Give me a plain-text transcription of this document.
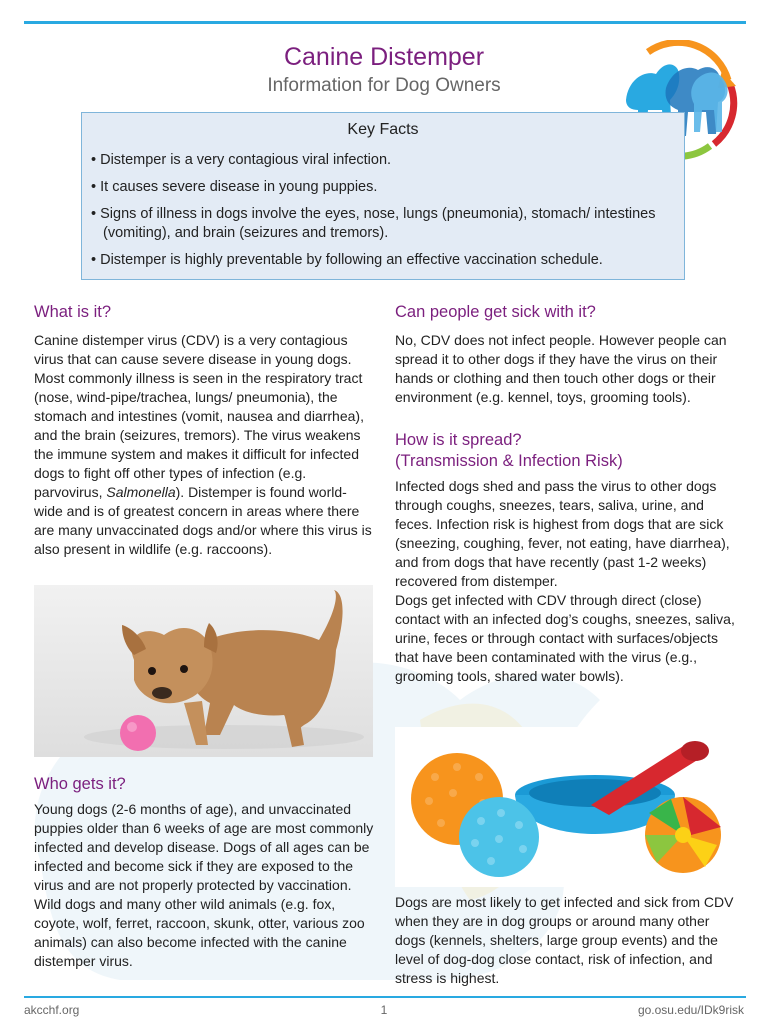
Canine Distemper
Information for Dog Owners
Key Facts
• Distemper is a very contagious viral infection.
• It causes severe disease in young puppies.
• Signs of illness in dogs involve the eyes, nose, lungs (pneumonia), stomach/ intestines (vomiting), and brain (seizures and tremors).
• Distemper is highly preventable by following an effective vaccination schedule.
What is it?
Canine distemper virus (CDV) is a very contagious virus that can cause severe disease in young dogs. Most commonly illness is seen in the respiratory tract (nose, wind-pipe/trachea, lungs/ pneumonia), the stomach and intestines (vomit, nausea and diarrhea), and the brain (seizures, tremors). The virus weakens the immune system and makes it difficult for infected dogs to fight off other types of infection (e.g. parvovirus, Salmonella). Distemper is found world-wide and is of greatest concern in areas where there are many unvaccinated dogs and/or where this virus is also present in wildlife (e.g. raccoons).
Who gets it?
Young dogs (2-6 months of age), and unvaccinated puppies older than 6 weeks of age are most commonly infected and develop disease. Dogs of all ages can be infected and become sick if they are exposed to the virus and are not properly protected by vaccination. Wild dogs and many other wild animals (e.g. fox, coyote, wolf, ferret, raccoon, skunk, otter, various zoo animals) can also become infected with the canine distemper virus.
Can people get sick with it?
No, CDV does not infect people. However people can spread it to other dogs if they have the virus on their hands or clothing and then touch other dogs or their environment (e.g. kennel, toys, grooming tools).
How is it spread?
(Transmission & Infection Risk)
Infected dogs shed and pass the virus to other dogs through coughs, sneezes, tears, saliva, urine, and feces. Infection risk is highest from dogs that are sick (sneezing, coughing, fever, not eating, have diarrhea), and from dogs that have recently (past 1-2 weeks) recovered from distemper.
Dogs get infected with CDV through direct (close) contact with an infected dog’s coughs, sneezes, saliva, urine, feces or through contact with surfaces/objects that have been contaminated with the virus (e.g., grooming tools, shared water bowls).
Dogs are most likely to get infected and sick from CDV when they are in dog groups or around many other dogs (kennels, shelters, large group events) and the level of dog-dog close contact, risk of infection, and stress is highest.
akcchf.org	1	go.osu.edu/IDk9risk
